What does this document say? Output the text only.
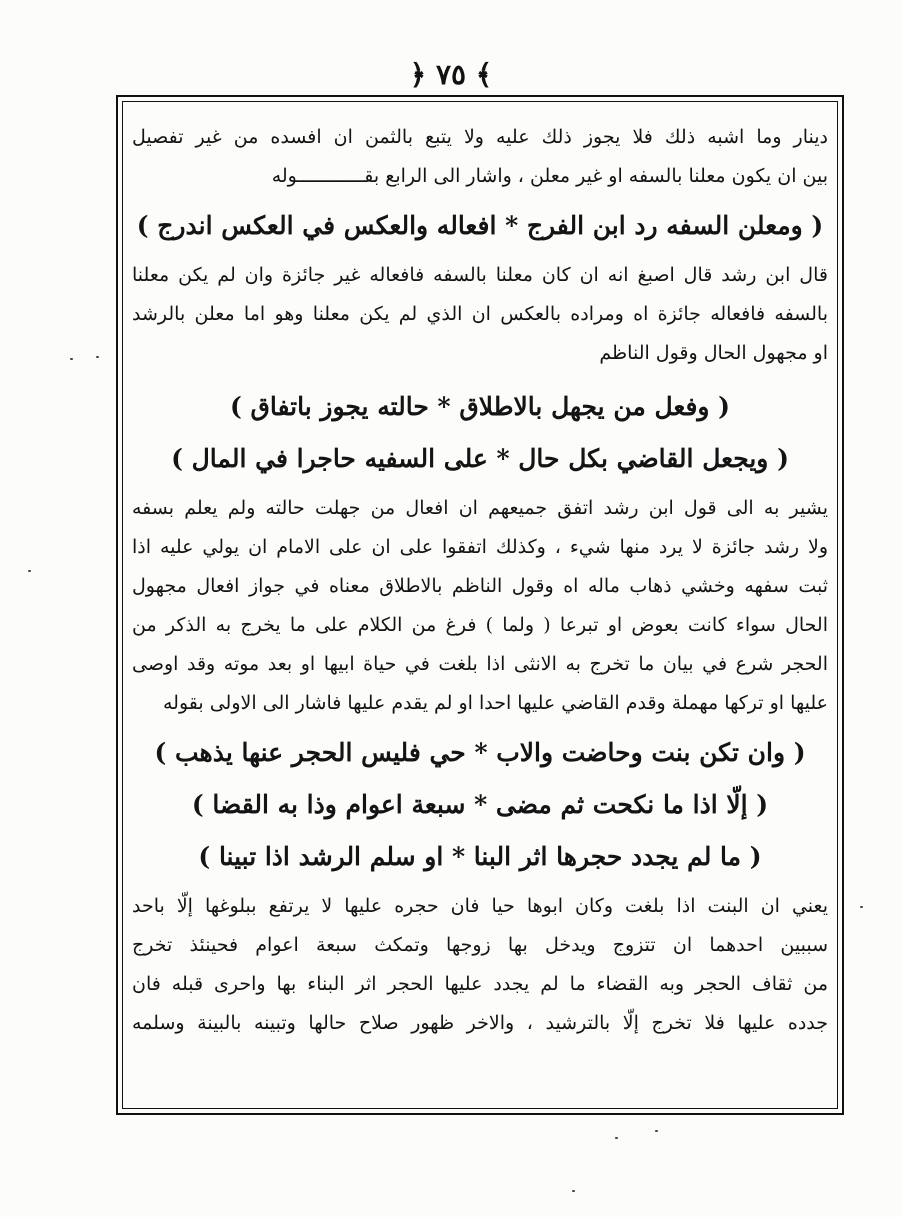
﴿ ٧٥ ﴾

دينار وما اشبه ذلك فلا يجوز ذلك عليه ولا يتبع بالثمن ان افسده من غير تفصيل

بين ان يكون معلنا بالسفه او غير معلن ، واشار الى الرابع بقــــــــــــوله

( ومعلن السفه رد ابن الفرج * افعاله والعكس في العكس اندرج )

قال ابن رشد قال اصبغ انه ان كان معلنا بالسفه فافعاله غير جائزة وان لم يكن معلنا

بالسفه فافعاله جائزة اه ومراده بالعكس ان الذي لم يكن معلنا وهو اما معلن بالرشد

او مجهول الحال وقول الناظم

( وفعل من يجهل بالاطلاق * حالته يجوز باتفاق )

( ويجعل القاضي بكل حال * على السفيه حاجرا في المال )

يشير به الى قول ابن رشد اتفق جميعهم ان افعال من جهلت حالته ولم يعلم بسفه

ولا رشد جائزة لا يرد منها شيء ، وكذلك اتفقوا على ان على الامام ان يولي عليه اذا

ثبت سفهه وخشي ذهاب ماله اه وقول الناظم بالاطلاق معناه في جواز افعال مجهول

الحال سواء كانت بعوض او تبرعا ( ولما ) فرغ من الكلام على ما يخرج به الذكر من

الحجر شرع في بيان ما تخرج به الانثى اذا بلغت في حياة ابيها او بعد موته وقد اوصى

عليها او تركها مهملة وقدم القاضي عليها احدا او لم يقدم عليها فاشار الى الاولى بقوله

( وان تكن بنت وحاضت والاب * حي فليس الحجر عنها يذهب )

( إلّا اذا ما نكحت ثم مضى * سبعة اعوام وذا به القضا )

( ما لم يجدد حجرها اثر البنا * او سلم الرشد اذا تبينا )

يعني ان البنت اذا بلغت وكان ابوها حيا فان حجره عليها لا يرتفع ببلوغها إلّا باحد

سببين احدهما ان تتزوج ويدخل بها زوجها وتمكث سبعة اعوام فحينئذ تخرج

من ثقاف الحجر وبه القضاء ما لم يجدد عليها الحجر اثر البناء بها واحرى قبله فان

جدده عليها فلا تخرج إلّا بالترشيد ، والاخر ظهور صلاح حالها وتبينه بالبينة وسلمه
